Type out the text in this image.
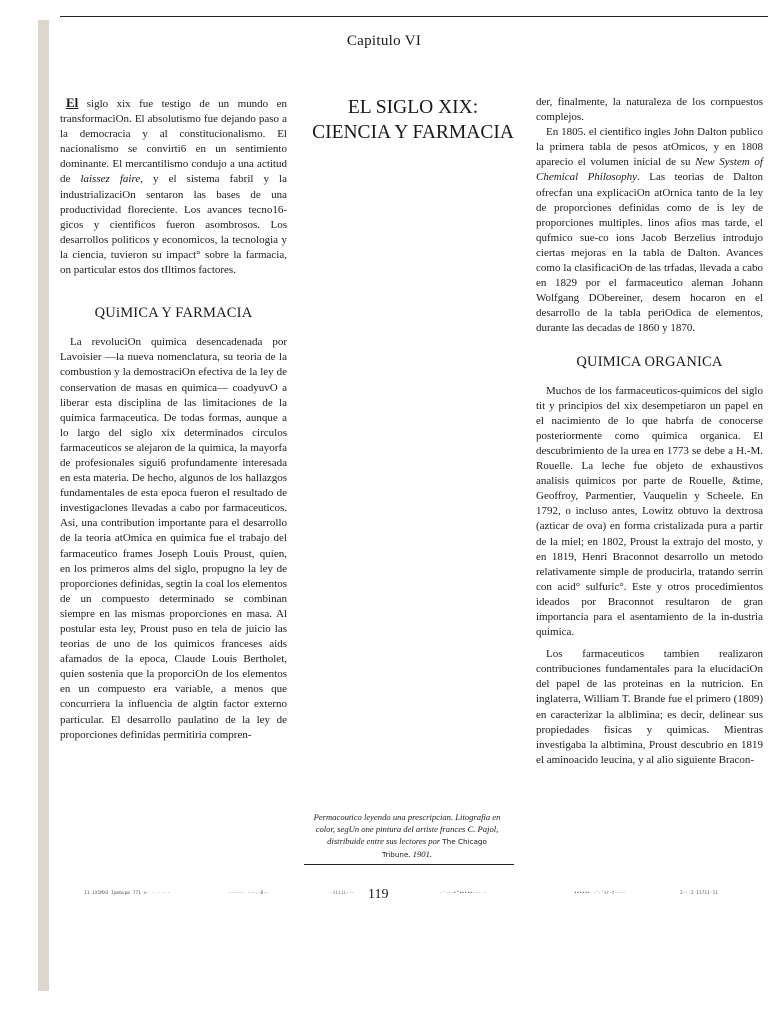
Capitulo VI

El siglo xix fue testigo de un mundo en transformaciOn. El absolutismo fue dejando paso a la democracia y al constitucionalismo. El nacionalismo se convirti6 en un sentimiento dominante. El mercantilismo condujo a una actitud de laissez faire, y el sistema fabril y la industrializaciOn sentaron las bases de una productividad floreciente. Los avances tecno16- gicos y cientificos fueron asombrosos. Los desarrollos politicos y economicos, la tecnologia y la ciencia, tuvieron su impact° sobre la farmacia, on particular estos dos tIltimos factores.

QUiMICA Y FARMACIA

La revoluciOn quimica desencadenada por Lavoisier —la nueva nomenclatura, su teoria de la combustion y la demostraciOn efectiva de la ley de conservation de masas en quimica— coadyuvO a liberar esta disciplina de las limitaciones de la quimica farmaceutica. De todas formas, aunque a lo largo del siglo xix determinados circulos farmaceuticos se alejaron de la quimica, la mayorfa de profesionales sigui6 profundamente interesada en esta materia. De hecho, algunos de los hallazgos fundamentales de esta epoca fueron el resultado de investigaclones llevadas a cabo por farmaceuticos. Asi, una contribution importante para el desarrollo de la teoria atOmica en quimica fue el trabajo del farmaceutico frames Joseph Louis Proust, quien, en los primeros alms del siglo, propugno la ley de proporciones definidas, segtin la coal los elementos de un compuesto determinado se combinan siempre en las mismas proporciones en masa. Al postular esta ley, Proust puso en tela de juicio las teorias de uno de los quimicos franceses aids afamados de la epoca, Claude Louis Bertholet, quien sostenia que la proporciOn de los elementos en un compuesto era variable, a menos que concurriera la influencia de algtin factor externo particular. El desarrollo paulatino de la ley de proporciones definidas permitiria compren-

EL SIGLO XIX:
CIENCIA Y FARMACIA

der, finalmente, la naturaleza de los cornpuestos complejos.

En 1805. el cientifico ingles John Dalton publico la primera tabla de pesos atOmicos, y en 1808 aparecio el volumen inicial de su New System of Chemical Philosophy. Las teorias de Dalton ofrecfan una explicaciOn atOrnica tanto de la ley de proporciones definidas como de is ley de proporciones multiples. linos afios mas tarde, el qufmico sue-co ions Jacob Berzelius introdujo ciertas mejoras en la tabla de Dalton. Avances como la clasificaciOn de las trfadas, llevada a cabo en 1829 por el farmaceutico aleman Johann Wolfgang DObereiner, desem hocaron en el desarrollo de la tabla periOdica de elementos, durante las decadas de 1860 y 1870.

QUIMICA ORGANICA

Muchos de los farmaceuticos-quimicos del siglo tit y principios del xix desempetiaron un papel en el nacimiento de lo que habrfa de conocerse posteriormente como quimica organica. El descubrimiento de la urea en 1773 se debe a H.-M. Rouelle. La leche fue objeto de exhaustivos analisis quimicos por parte de Rouelle, &time, Geoffroy, Parmentier, Vauquelin y Scheele. En 1792, o incluso antes, Lowitz obtuvo la dextrosa (azticar de ova) en forma cristalizada pura a partir de la miel; en 1802, Proust la extrajo del mosto, y en 1819, Henri Braconnot desarrollo un metodo relativamente simple de producirla, tratando serrin con acid° sulfuric°. Este y otros procedimientos ideados por Braconnot resultaron de gran importancia para el asentamiento de la in-dustria quimica.

Los farmaceuticos tambien realizaron contribuciones fundamentales para la elucidaciOn del papel de las proteinas en la nutricion. En inglaterra, William T. Brande fue el primero (1809) en caracterizar la alblimina; es decir, delinear sus propiedades fisicas y quimicas. Mientras investigaba la albtimina, Proust descubrio en 1819 el aminoacido leucina, y al alio siguiente Bracon-

Permacoutico leyendo una prescripcian. Litografia en color, segUn one pintura del artiste frances C. Pajol, distribuide entre sus lectores por The Chicago Tribune. 1901.
11 1X1MX4 Ipmbvpm 771-v- - - - -	------ ---.-0--	-iiiii--- 119	-'---•"•••••--- -	•••••• -'-'ir-t----	2---2 11711-11
